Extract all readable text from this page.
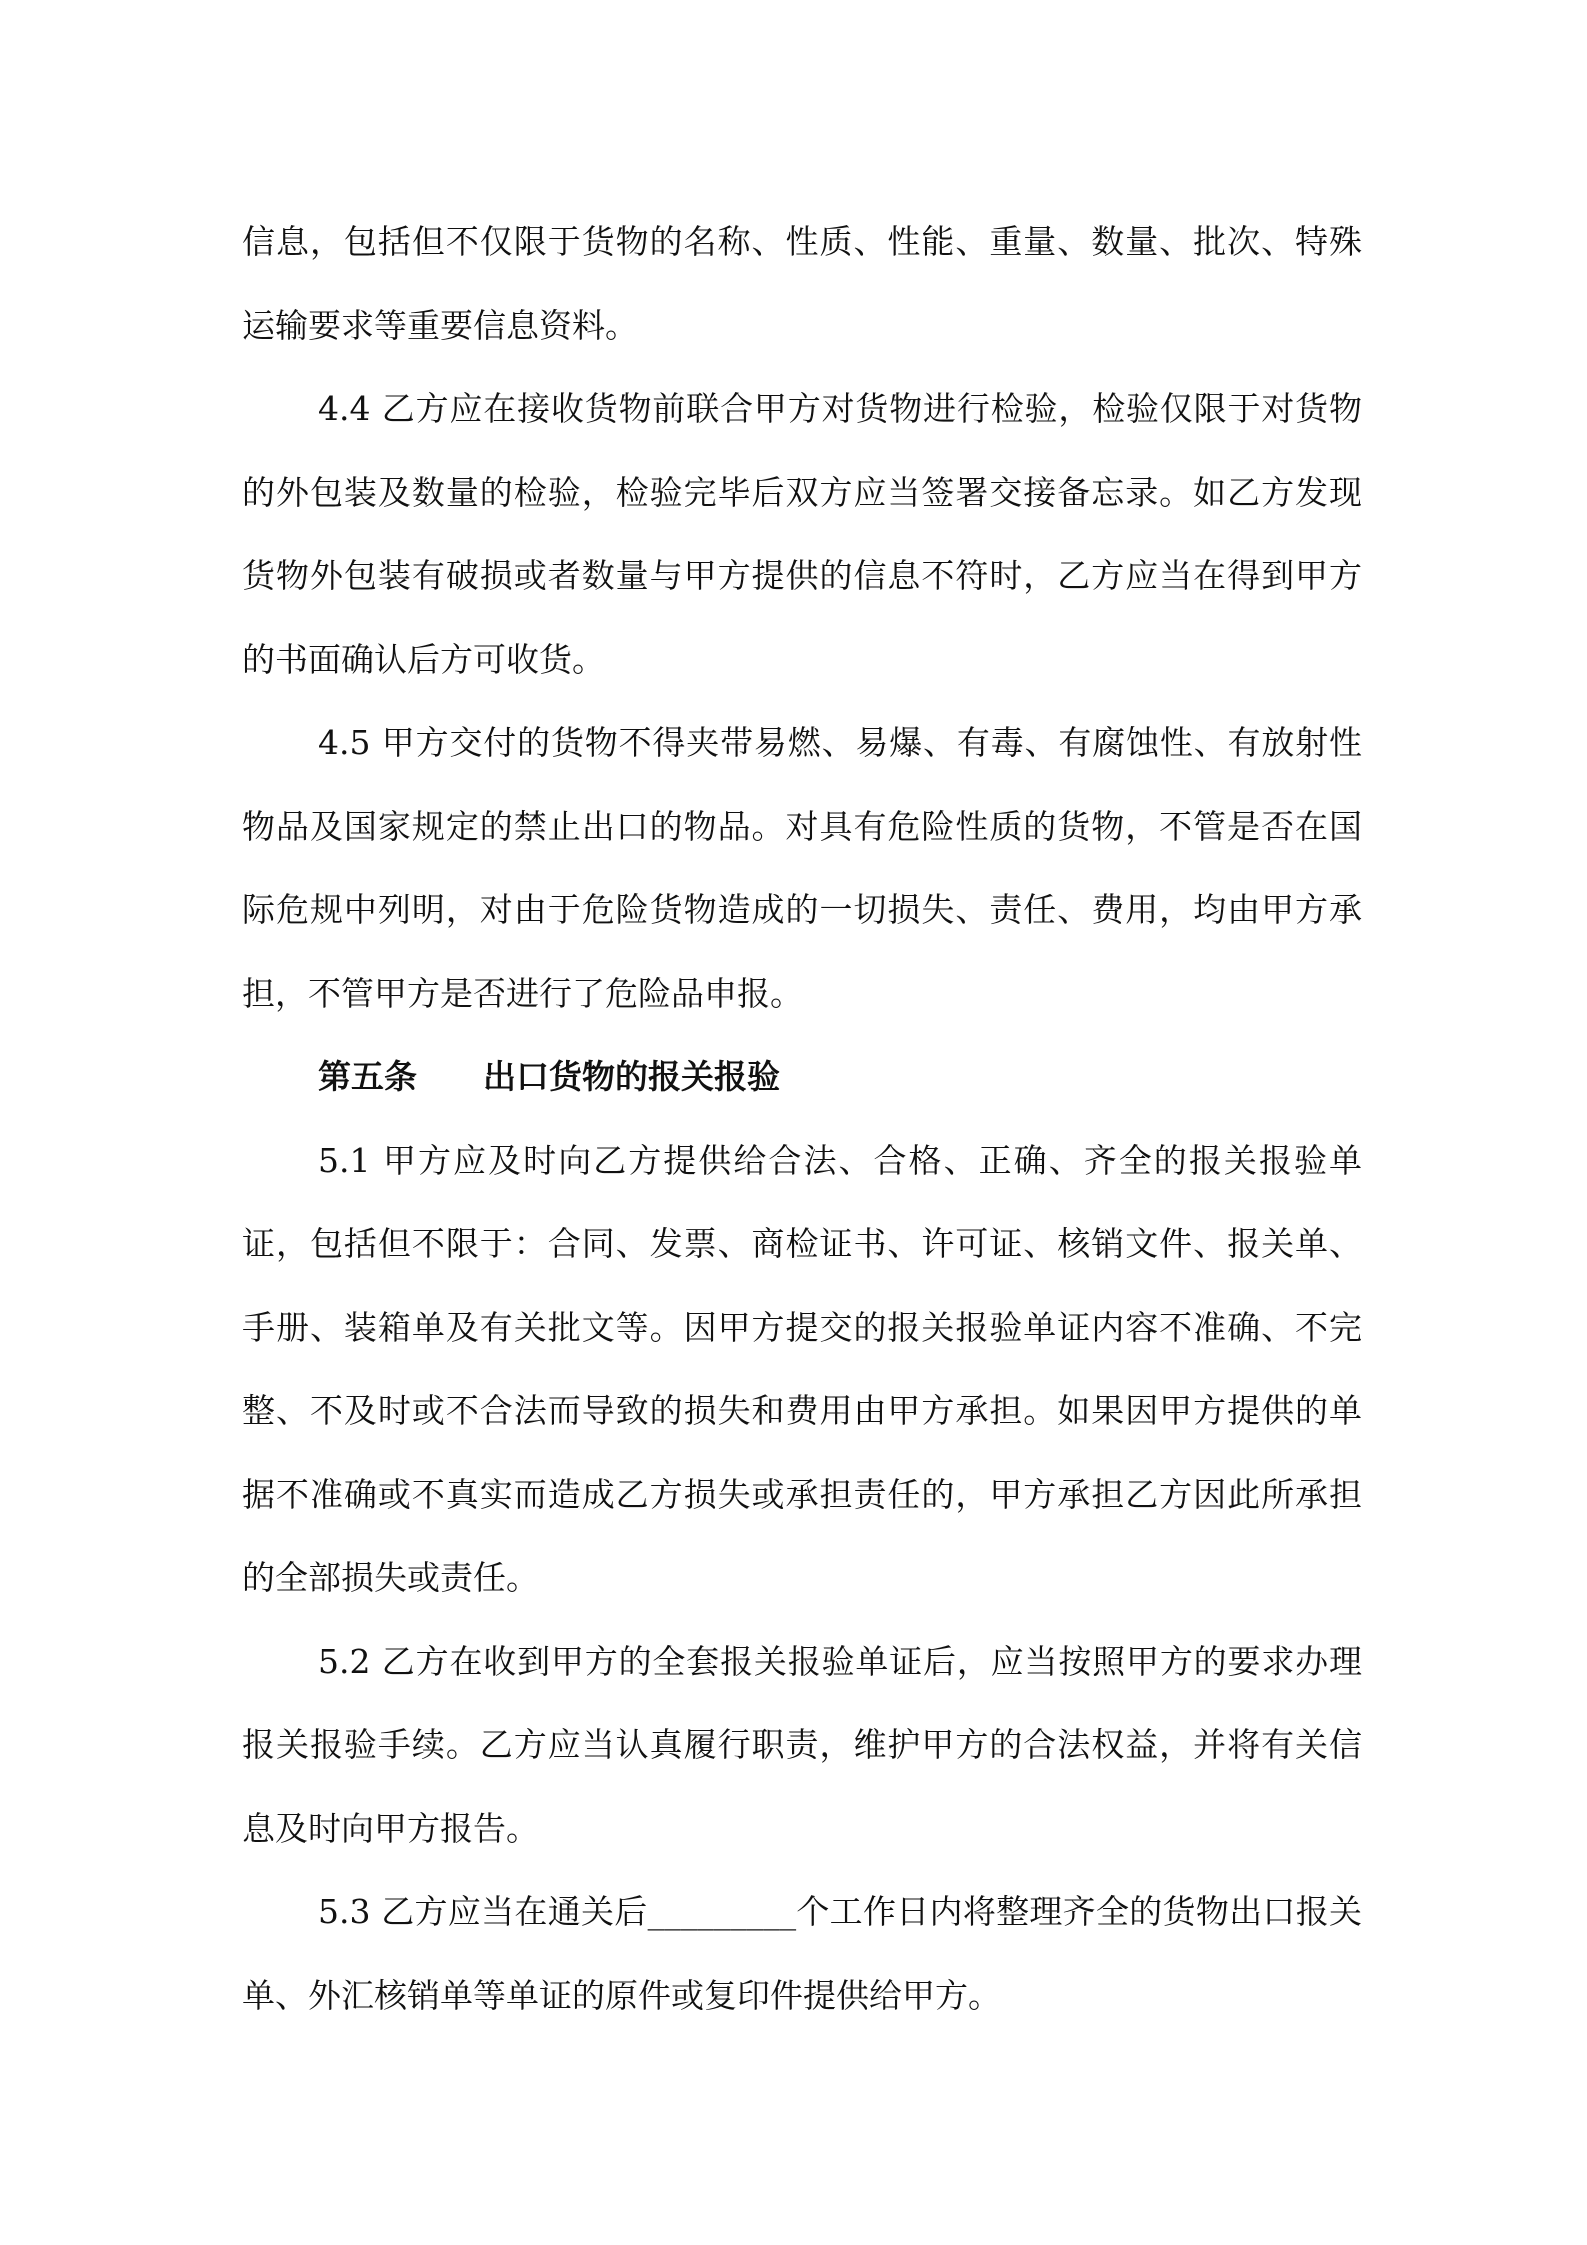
信息，包括但不仅限于货物的名称、性质、性能、重量、数量、批次、特殊运输要求等重要信息资料。

4.4 乙方应在接收货物前联合甲方对货物进行检验，检验仅限于对货物的外包装及数量的检验，检验完毕后双方应当签署交接备忘录。如乙方发现货物外包装有破损或者数量与甲方提供的信息不符时，乙方应当在得到甲方的书面确认后方可收货。

4.5 甲方交付的货物不得夹带易燃、易爆、有毒、有腐蚀性、有放射性物品及国家规定的禁止出口的物品。对具有危险性质的货物，不管是否在国际危规中列明，对由于危险货物造成的一切损失、责任、费用，均由甲方承担，不管甲方是否进行了危险品申报。

第五条 出口货物的报关报验

5.1 甲方应及时向乙方提供给合法、合格、正确、齐全的报关报验单证，包括但不限于：合同、发票、商检证书、许可证、核销文件、报关单、手册、装箱单及有关批文等。因甲方提交的报关报验单证内容不准确、不完整、不及时或不合法而导致的损失和费用由甲方承担。如果因甲方提供的单据不准确或不真实而造成乙方损失或承担责任的，甲方承担乙方因此所承担的全部损失或责任。

5.2 乙方在收到甲方的全套报关报验单证后，应当按照甲方的要求办理报关报验手续。乙方应当认真履行职责，维护甲方的合法权益，并将有关信息及时向甲方报告。

5.3 乙方应当在通关后_________个工作日内将整理齐全的货物出口报关单、外汇核销单等单证的原件或复印件提供给甲方。
